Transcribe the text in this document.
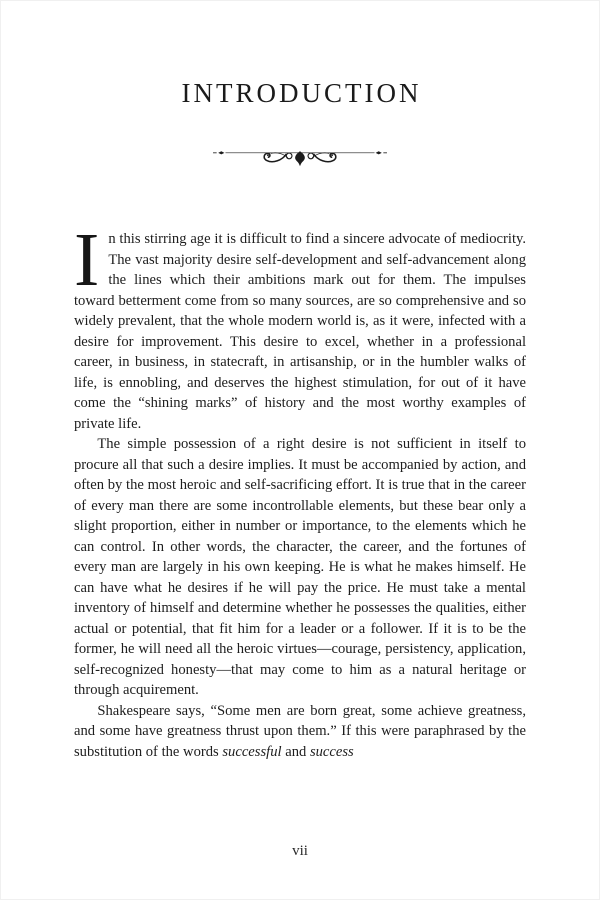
INTRODUCTION

In this stirring age it is difficult to find a sincere advocate of mediocrity. The vast majority desire self-development and self-advancement along the lines which their ambitions mark out for them. The impulses toward betterment come from so many sources, are so comprehensive and so widely prevalent, that the whole modern world is, as it were, infected with a desire for improvement. This desire to excel, whether in a professional career, in business, in statecraft, in artisanship, or in the humbler walks of life, is ennobling, and deserves the highest stimulation, for out of it have come the “shining marks” of history and the most worthy examples of private life.

The simple possession of a right desire is not sufficient in itself to procure all that such a desire implies. It must be accompanied by action, and often by the most heroic and self-sacrificing effort. It is true that in the career of every man there are some incontrollable elements, but these bear only a slight proportion, either in number or importance, to the elements which he can control. In other words, the character, the career, and the fortunes of every man are largely in his own keeping. He is what he makes himself. He can have what he desires if he will pay the price. He must take a mental inventory of himself and determine whether he possesses the qualities, either actual or potential, that fit him for a leader or a follower. If it is to be the former, he will need all the heroic virtues—courage, persistency, application, self-recognized honesty—that may come to him as a natural heritage or through acquirement.

Shakespeare says, “Some men are born great, some achieve greatness, and some have greatness thrust upon them.” If this were paraphrased by the substitution of the words successful and success

vii
